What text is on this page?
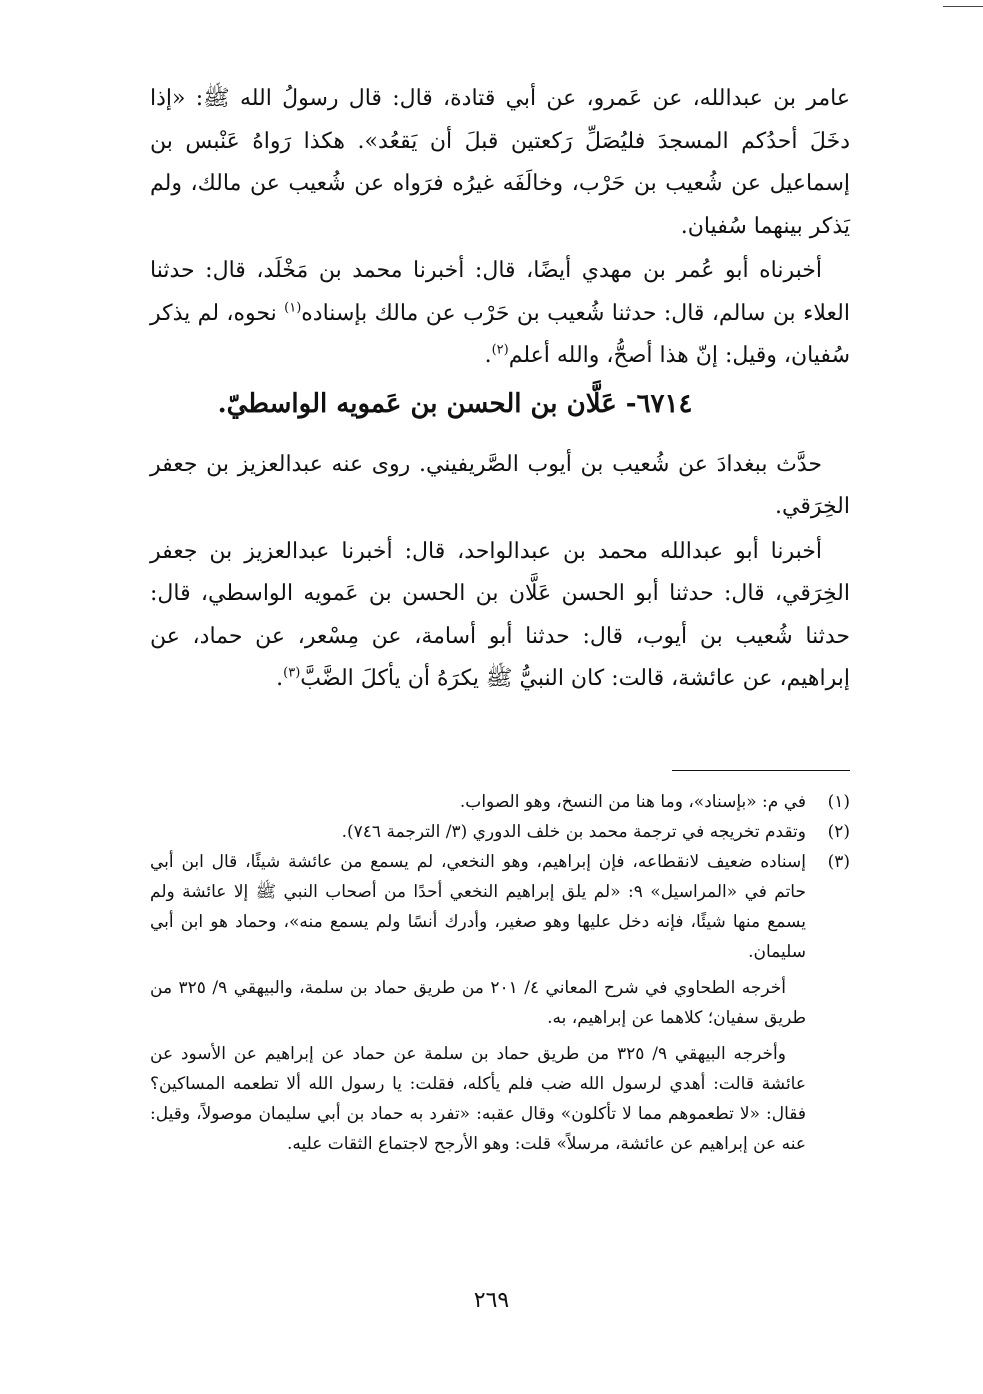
عامر بن عبدالله، عن عَمرو، عن أبي قتادة، قال: قال رسولُ الله ﷺ: «إذا دخَلَ أحدُكم المسجدَ فليُصَلِّ رَكعتين قبلَ أن يَقعُد». هكذا رَواهُ عَنْبس بن إسماعيل عن شُعيب بن حَرْب، وخالَفَه غيرُه فرَواه عن شُعيب عن مالك، ولم يَذكر بينهما سُفيان.

أخبرناه أبو عُمر بن مهدي أيضًا، قال: أخبرنا محمد بن مَخْلَد، قال: حدثنا العلاء بن سالم، قال: حدثنا شُعيب بن حَرْب عن مالك بإسناده$^{(١)}$ نحوه، لم يذكر سُفيان، وقيل: إنّ هذا أصحُّ، والله أعلم$^{(٢)}$.

٦٧١٤- عَلَّان بن الحسن بن عَمويه الواسطيّ.

حدَّث ببغدادَ عن شُعيب بن أيوب الصَّريفيني. روى عنه عبدالعزيز بن جعفر الخِرَقي.

أخبرنا أبو عبدالله محمد بن عبدالواحد، قال: أخبرنا عبدالعزيز بن جعفر الخِرَقي، قال: حدثنا أبو الحسن عَلَّان بن الحسن بن عَمويه الواسطي، قال: حدثنا شُعيب بن أيوب، قال: حدثنا أبو أسامة، عن مِسْعر، عن حماد، عن إبراهيم، عن عائشة، قالت: كان النبيُّ ﷺ يكرَهُ أن يأكلَ الضَّبَّ$^{(٣)}$.

(١)

في م: «بإسناد»، وما هنا من النسخ، وهو الصواب.

(٢)

وتقدم تخريجه في ترجمة محمد بن خلف الدوري (٣/ الترجمة ٧٤٦).

(٣)

إسناده ضعيف لانقطاعه، فإن إبراهيم، وهو النخعي، لم يسمع من عائشة شيئًا، قال ابن أبي حاتم في «المراسيل» ٩: «لم يلق إبراهيم النخعي أحدًا من أصحاب النبي ﷺ إلا عائشة ولم يسمع منها شيئًا، فإنه دخل عليها وهو صغير، وأدرك أنسًا ولم يسمع منه»، وحماد هو ابن أبي سليمان.

أخرجه الطحاوي في شرح المعاني ٤/ ٢٠١ من طريق حماد بن سلمة، والبيهقي ٩/ ٣٢٥ من طريق سفيان؛ كلاهما عن إبراهيم، به.

وأخرجه البيهقي ٩/ ٣٢٥ من طريق حماد بن سلمة عن حماد عن إبراهيم عن الأسود عن عائشة قالت: أهدي لرسول الله ضب فلم يأكله، فقلت: يا رسول الله ألا تطعمه المساكين؟ فقال: «لا تطعموهم مما لا تأكلون» وقال عقبه: «تفرد به حماد بن أبي سليمان موصولاً، وقيل: عنه عن إبراهيم عن عائشة، مرسلاً» قلت: وهو الأرجح لاجتماع الثقات عليه.

٢٦٩
